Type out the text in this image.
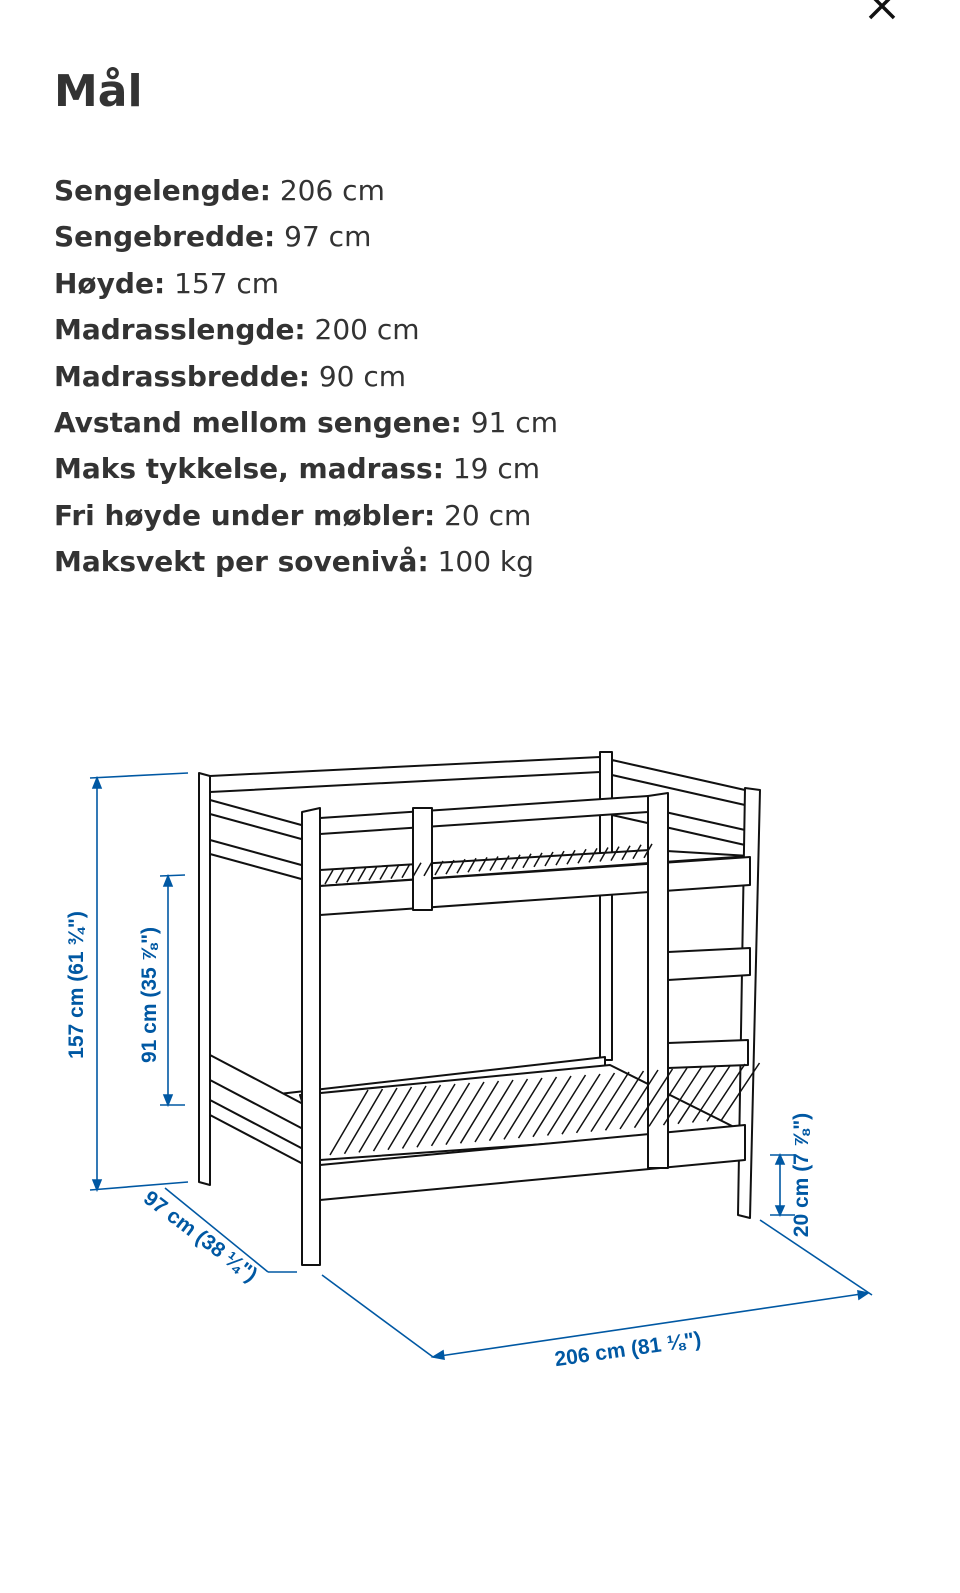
Mål
Sengelengde: 206 cm
Sengebredde: 97 cm
Høyde: 157 cm
Madrasslengde: 200 cm
Madrassbredde: 90 cm
Avstand mellom sengene: 91 cm
Maks tykkelse, madrass: 19 cm
Fri høyde under møbler: 20 cm
Maksvekt per sovenivå: 100 kg
157 cm (61 ¾") 91 cm (35 ⅞")
20 cm (7 ⅞")
97 cm (38 ¼")
206 cm (81 ⅛")
